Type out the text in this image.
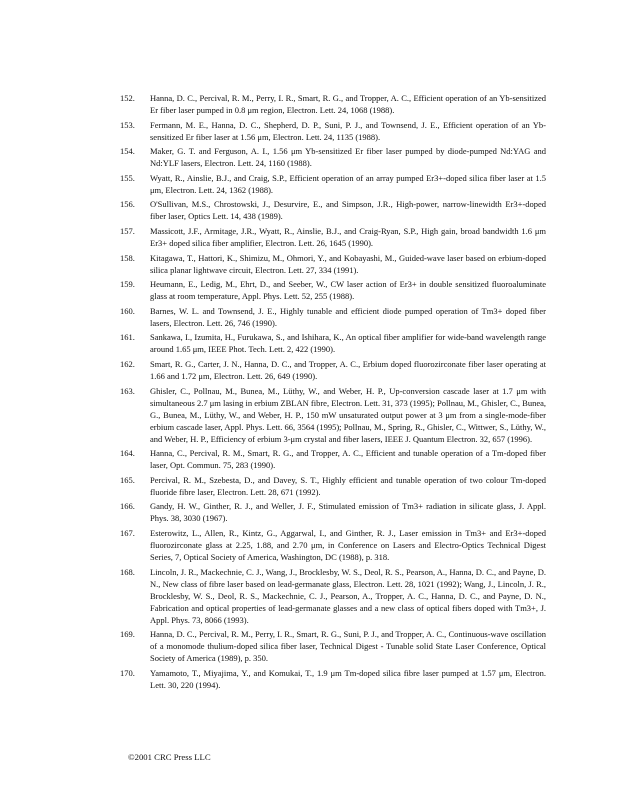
152.	Hanna, D. C., Percival, R. M., Perry, I. R., Smart, R. G., and Tropper, A. C., Efficient operation of an Yb-sensitized Er fiber laser pumped in 0.8 μm region, Electron. Lett. 24, 1068 (1988).
153.	Fermann, M. E., Hanna, D. C., Shepherd, D. P., Suni, P. J., and Townsend, J. E., Efficient operation of an Yb-sensitized Er fiber laser at 1.56 μm, Electron. Lett. 24, 1135 (1988).
154.	Maker, G. T. and Ferguson, A. I., 1.56 μm Yb-sensitized Er fiber laser pumped by diode-pumped Nd:YAG and Nd:YLF lasers, Electron. Lett. 24, 1160 (1988).
155.	Wyatt, R., Ainslie, B.J., and Craig, S.P., Efficient operation of an array pumped Er3+-doped silica fiber laser at 1.5 μm, Electron. Lett. 24, 1362 (1988).
156.	O'Sullivan, M.S., Chrostowski, J., Desurvire, E., and Simpson, J.R., High-power, narrow-linewidth Er3+-doped fiber laser, Optics Lett. 14, 438 (1989).
157.	Massicott, J.F., Armitage, J.R., Wyatt, R., Ainslie, B.J., and Craig-Ryan, S.P., High gain, broad bandwidth 1.6 μm Er3+ doped silica fiber amplifier, Electron. Lett. 26, 1645 (1990).
158.	Kitagawa, T., Hattori, K., Shimizu, M., Ohmori, Y., and Kobayashi, M., Guided-wave laser based on erbium-doped silica planar lightwave circuit, Electron. Lett. 27, 334 (1991).
159.	Heumann, E., Ledig, M., Ehrt, D., and Seeber, W., CW laser action of Er3+ in double sensitized fluoroaluminate glass at room temperature, Appl. Phys. Lett. 52, 255 (1988).
160.	Barnes, W. L. and Townsend, J. E., Highly tunable and efficient diode pumped operation of Tm3+ doped fiber lasers, Electron. Lett. 26, 746 (1990).
161.	Sankawa, I., Izumita, H., Furukawa, S., and Ishihara, K., An optical fiber amplifier for wide-band wavelength range around 1.65 μm, IEEE Phot. Tech. Lett. 2, 422 (1990).
162.	Smart, R. G., Carter, J. N., Hanna, D. C., and Tropper, A. C., Erbium doped fluorozirconate fiber laser operating at 1.66 and 1.72 μm, Electron. Lett. 26, 649 (1990).
163.	Ghisler, C., Pollnau, M., Bunea, M., Lüthy, W., and Weber, H. P., Up-conversion cascade laser at 1.7 μm with simultaneous 2.7 μm lasing in erbium ZBLAN fibre, Electron. Lett. 31, 373 (1995); Pollnau, M., Ghisler, C., Bunea, G., Bunea, M., Lüthy, W., and Weber, H. P., 150 mW unsaturated output power at 3 μm from a single-mode-fiber erbium cascade laser, Appl. Phys. Lett. 66, 3564 (1995); Pollnau, M., Spring, R., Ghisler, C., Wittwer, S., Lüthy, W., and Weber, H. P., Efficiency of erbium 3-μm crystal and fiber lasers, IEEE J. Quantum Electron. 32, 657 (1996).
164.	Hanna, C., Percival, R. M., Smart, R. G., and Tropper, A. C., Efficient and tunable operation of a Tm-doped fiber laser, Opt. Commun. 75, 283 (1990).
165.	Percival, R. M., Szebesta, D., and Davey, S. T., Highly efficient and tunable operation of two colour Tm-doped fluoride fibre laser, Electron. Lett. 28, 671 (1992).
166.	Gandy, H. W., Ginther, R. J., and Weller, J. F., Stimulated emission of Tm3+ radiation in silicate glass, J. Appl. Phys. 38, 3030 (1967).
167.	Esterowitz, L., Allen, R., Kintz, G., Aggarwal, I., and Ginther, R. J., Laser emission in Tm3+ and Er3+-doped fluorozirconate glass at 2.25, 1.88, and 2.70 μm, in Conference on Lasers and Electro-Optics Technical Digest Series, 7, Optical Society of America, Washington, DC (1988), p. 318.
168.	Lincoln, J. R., Mackechnie, C. J., Wang, J., Brocklesby, W. S., Deol, R. S., Pearson, A., Hanna, D. C., and Payne, D. N., New class of fibre laser based on lead-germanate glass, Electron. Lett. 28, 1021 (1992); Wang, J., Lincoln, J. R., Brocklesby, W. S., Deol, R. S., Mackechnie, C. J., Pearson, A., Tropper, A. C., Hanna, D. C., and Payne, D. N., Fabrication and optical properties of lead-germanate glasses and a new class of optical fibers doped with Tm3+, J. Appl. Phys. 73, 8066 (1993).
169.	Hanna, D. C., Percival, R. M., Perry, I. R., Smart, R. G., Suni, P. J., and Tropper, A. C., Continuous-wave oscillation of a monomode thulium-doped silica fiber laser, Technical Digest - Tunable solid State Laser Conference, Optical Society of America (1989), p. 350.
170.	Yamamoto, T., Miyajima, Y., and Komukai, T., 1.9 μm Tm-doped silica fibre laser pumped at 1.57 μm, Electron. Lett. 30, 220 (1994).
©2001 CRC Press LLC
